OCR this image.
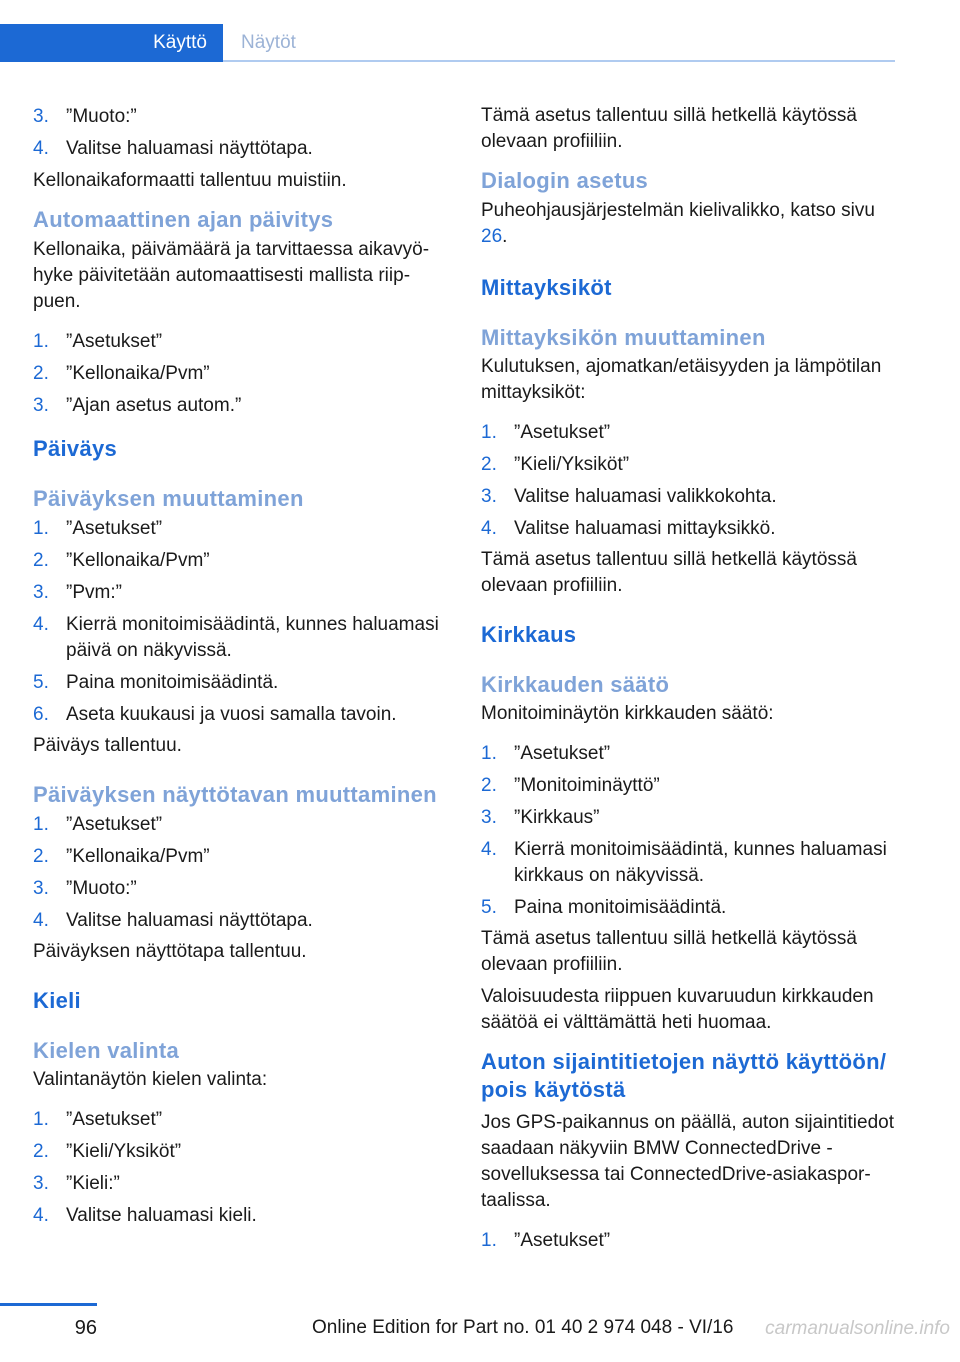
Käyttö	Näytöt
3. ”Muoto:”
4. Valitse haluamasi näyttötapa.

Kellonaikaformaatti tallentuu muistiin.

Automaattinen ajan päivitys

Kellonaika, päivämäärä ja tarvittaessa aikavyöhyke päivitetään automaattisesti mallista riippuen.

1. ”Asetukset”
2. ”Kellonaika/Pvm”
3. ”Ajan asetus autom.”
Päiväys
Päiväyksen muuttaminen
1. ”Asetukset”
2. ”Kellonaika/Pvm”
3. ”Pvm:”
4. Kierrä monitoimisäädintä, kunnes haluamasi päivä on näkyvissä.
5. Paina monitoimisäädintä.
6. Aseta kuukausi ja vuosi samalla tavoin.

Päiväys tallentuu.

Päiväyksen näyttötavan muuttaminen
1. ”Asetukset”
2. ”Kellonaika/Pvm”
3. ”Muoto:”
4. Valitse haluamasi näyttötapa.

Päiväyksen näyttötapa tallentuu.

Kieli
Kielen valinta

Valintanäytön kielen valinta:

1. ”Asetukset”
2. ”Kieli/Yksiköt”
3. ”Kieli:”
4. Valitse haluamasi kieli.

Tämä asetus tallentuu sillä hetkellä käytössä olevaan profiiliin.

Dialogin asetus

Puheohjausjärjestelmän kielivalikko, katso sivu 26.

Mittayksiköt
Mittayksikön muuttaminen

Kulutuksen, ajomatkan/etäisyyden ja lämpötilan mittayksiköt:

1. ”Asetukset”
2. ”Kieli/Yksiköt”
3. Valitse haluamasi valikkokohta.
4. Valitse haluamasi mittayksikkö.

Tämä asetus tallentuu sillä hetkellä käytössä olevaan profiiliin.

Kirkkaus
Kirkkauden säätö

Monitoiminäytön kirkkauden säätö:

1. ”Asetukset”
2. ”Monitoiminäyttö”
3. ”Kirkkaus”
4. Kierrä monitoimisäädintä, kunnes haluamasi kirkkaus on näkyvissä.
5. Paina monitoimisäädintä.

Tämä asetus tallentuu sillä hetkellä käytössä olevaan profiiliin.

Valoisuudesta riippuen kuvaruudun kirkkauden säätöä ei välttämättä heti huomaa.

Auton sijaintitietojen näyttö käyttöön/ pois käytöstä

Jos GPS-paikannus on päällä, auton sijaintitiedot saadaan näkyviin BMW ConnectedDrive -sovelluksessa tai ConnectedDrive-asiakasportaalissa.

1. ”Asetukset”
96	Online Edition for Part no. 01 40 2 974 048 - VI/16 carmanualsonline.info
